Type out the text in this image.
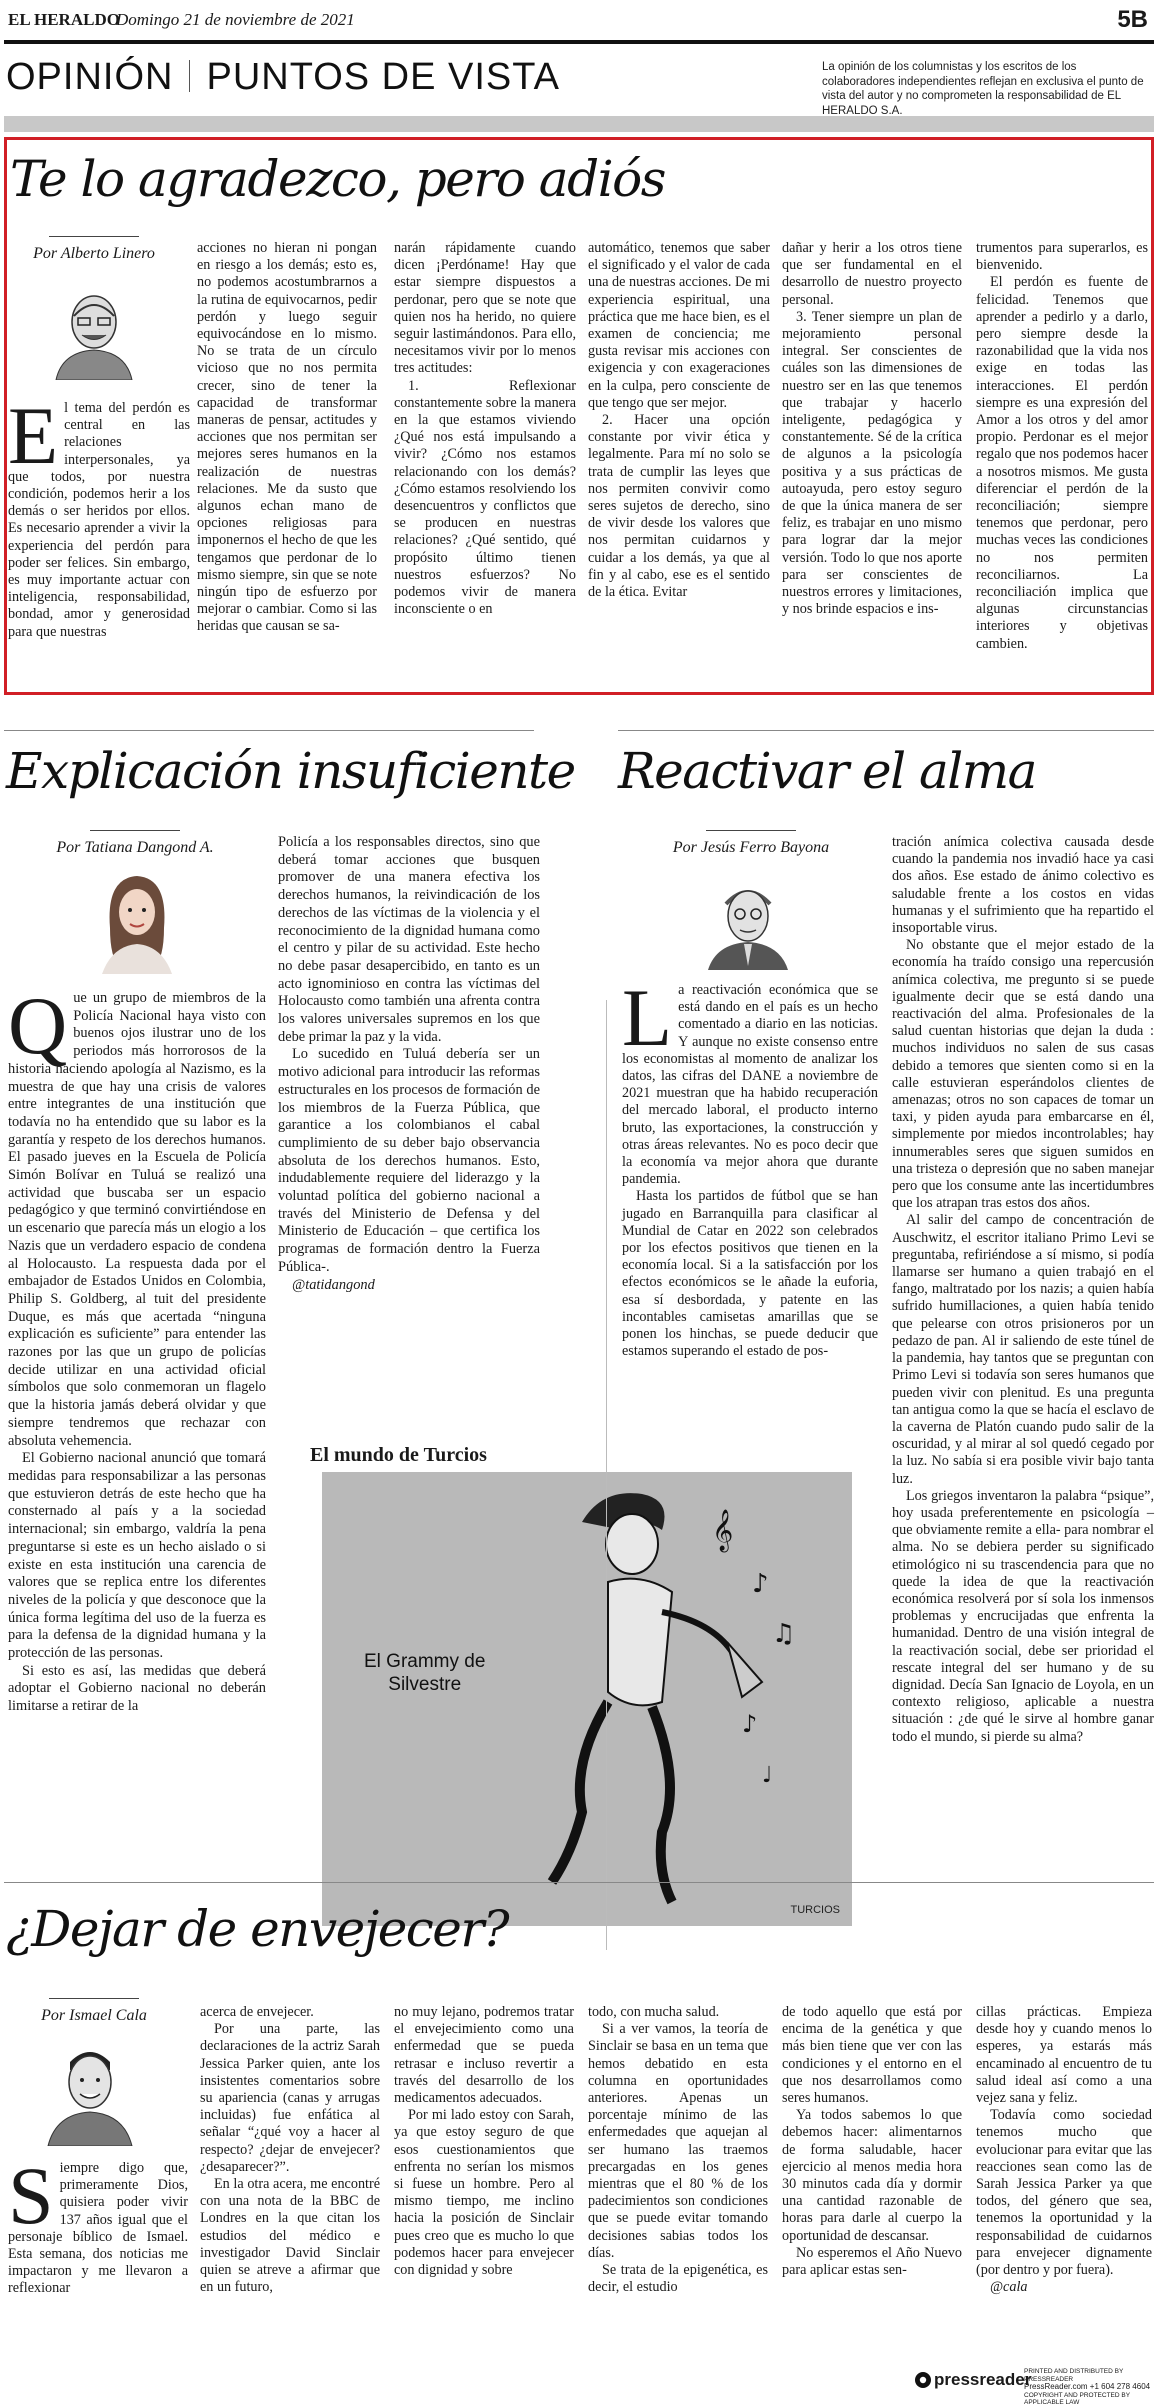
EL HERALDO
Domingo 21 de noviembre de 2021	5B
OPINIÓN PUNTOS DE VISTA	La opinión de los columnistas y los escritos de los colaboradores independientes reflejan en exclusiva el punto de vista del autor y no comprometen la responsabilidad de EL HERALDO S.A.
Te lo agradezco, pero adiós
Por Alberto Linero

El tema del perdón es central en las relaciones interpersonales, ya que todos, por nuestra condición, podemos herir a los demás o ser heridos por ellos. Es necesario aprender a vivir la experiencia del perdón para poder ser felices. Sin embargo, es muy importante actuar con inteligencia, responsabilidad, bondad, amor y generosidad para que nuestras

acciones no hieran ni pongan en riesgo a los demás; esto es, no podemos acostumbrarnos a la rutina de equivocarnos, pedir perdón y luego seguir equivocándose en lo mismo. No se trata de un círculo vicioso que no nos permita crecer, sino de tener la capacidad de transformar maneras de pensar, actitudes y acciones que nos permitan ser mejores seres humanos en la realización de nuestras relaciones. Me da susto que algunos echan mano de opciones religiosas para imponernos el hecho de que les tengamos que perdonar de lo mismo siempre, sin que se note ningún tipo de esfuerzo por mejorar o cambiar. Como si las heridas que causan se sa-

narán rápidamente cuando dicen ¡Perdóname! Hay que estar siempre dispuestos a perdonar, pero que se note que quien nos ha herido, no quiere seguir lastimándonos. Para ello, necesitamos vivir por lo menos tres actitudes:

1. Reflexionar constantemente sobre la manera en la que estamos viviendo ¿Qué nos está impulsando a vivir? ¿Cómo nos estamos relacionando con los demás? ¿Cómo estamos resolviendo los desencuentros y conflictos que se producen en nuestras relaciones? ¿Qué sentido, qué propósito último tienen nuestros esfuerzos? No podemos vivir de manera inconsciente o en

automático, tenemos que saber el significado y el valor de cada una de nuestras acciones. De mi experiencia espiritual, una práctica que me hace bien, es el examen de conciencia; me gusta revisar mis acciones con exigencia y con exageraciones en la culpa, pero consciente de que tengo que ser mejor.

2. Hacer una opción constante por vivir ética y legalmente. Para mí no solo se trata de cumplir las leyes que nos permiten convivir como seres sujetos de derecho, sino de vivir desde los valores que nos permitan cuidarnos y cuidar a los demás, ya que al fin y al cabo, ese es el sentido de la ética. Evitar

dañar y herir a los otros tiene que ser fundamental en el desarrollo de nuestro proyecto personal.

3. Tener siempre un plan de mejoramiento personal integral. Ser conscientes de cuáles son las dimensiones de nuestro ser en las que tenemos que trabajar y hacerlo inteligente, pedagógica y constantemente. Sé de la crítica de algunos a la psicología positiva y a sus prácticas de autoayuda, pero estoy seguro de que la única manera de ser feliz, es trabajar en uno mismo para lograr dar la mejor versión. Todo lo que nos aporte para ser conscientes de nuestros errores y limitaciones, y nos brinde espacios e ins-

trumentos para superarlos, es bienvenido.

El perdón es fuente de felicidad. Tenemos que aprender a pedirlo y a darlo, pero siempre desde la razonabilidad que la vida nos exige en todas las interacciones. El perdón siempre es una expresión del Amor a los otros y del amor propio. Perdonar es el mejor regalo que nos podemos hacer a nosotros mismos. Me gusta diferenciar el perdón de la reconciliación; siempre tenemos que perdonar, pero muchas veces las condiciones no nos permiten reconciliarnos. La reconciliación implica que algunas circunstancias interiores y objetivas cambien.

Explicación insuficiente
Por Tatiana Dangond A.

Que un grupo de miembros de la Policía Nacional haya visto con buenos ojos ilustrar uno de los periodos más horrorosos de la historia haciendo apología al Nazismo, es la muestra de que hay una crisis de valores entre integrantes de una institución que todavía no ha entendido que su labor es la garantía y respeto de los derechos humanos. El pasado jueves en la Escuela de Policía Simón Bolívar en Tuluá se realizó una actividad que buscaba ser un espacio pedagógico y que terminó convirtiéndose en un escenario que parecía más un elogio a los Nazis que un verdadero espacio de condena al Holocausto. La respuesta dada por el embajador de Estados Unidos en Colombia, Philip S. Goldberg, al tuit del presidente Duque, es más que acertada “ninguna explicación es suficiente” para entender las razones por las que un grupo de policías decide utilizar en una actividad oficial símbolos que solo conmemoran un flagelo que la historia jamás deberá olvidar y que siempre tendremos que rechazar con absoluta vehemencia.

El Gobierno nacional anunció que tomará medidas para responsabilizar a las personas que estuvieron detrás de este hecho que ha consternado al país y a la sociedad internacional; sin embargo, valdría la pena preguntarse si este es un hecho aislado o si existe en esta institución una carencia de valores que se replica entre los diferentes niveles de la policía y que desconoce que la única forma legítima del uso de la fuerza es para la defensa de la dignidad humana y la protección de las personas.

Si esto es así, las medidas que deberá adoptar el Gobierno nacional no deberán limitarse a retirar de la

Policía a los responsables directos, sino que deberá tomar acciones que busquen promover de una manera efectiva los derechos humanos, la reivindicación de los derechos de las víctimas de la violencia y el reconocimiento de la dignidad humana como el centro y pilar de su actividad. Este hecho no debe pasar desapercibido, en tanto es un acto ignominioso en contra las víctimas del Holocausto como también una afrenta contra los valores universales supremos en los que debe primar la paz y la vida.

Lo sucedido en Tuluá debería ser un motivo adicional para introducir las reformas estructurales en los procesos de formación de los miembros de la Fuerza Pública, que garantice a los colombianos el cabal cumplimiento de su deber bajo observancia absoluta de los derechos humanos. Esto, indudablemente requiere del liderazgo y la voluntad política del gobierno nacional a través del Ministerio de Defensa y del Ministerio de Educación – que certifica los programas de formación dentro la Fuerza Pública-.

@tatidangond

El mundo de Turcios
El Grammy de
Silvestre
𝄞
♪
♫
♪
♩
TURCIOS
Reactivar el alma
Por Jesús Ferro Bayona

La reactivación económica que se está dando en el país es un hecho comentado a diario en las noticias. Y aunque no existe consenso entre los economistas al momento de analizar los datos, las cifras del DANE a noviembre de 2021 muestran que ha habido recuperación del mercado laboral, el producto interno bruto, las exportaciones, la construcción y otras áreas relevantes. No es poco decir que la economía va mejor ahora que durante pandemia.

Hasta los partidos de fútbol que se han jugado en Barranquilla para clasificar al Mundial de Catar en 2022 son celebrados por los efectos positivos que tienen en la economía local. Si a la satisfacción por los efectos económicos se le añade la euforia, esa sí desbordada, y patente en las incontables camisetas amarillas que se ponen los hinchas, se puede deducir que estamos superando el estado de pos-

tración anímica colectiva causada desde cuando la pandemia nos invadió hace ya casi dos años. Ese estado de ánimo colectivo es saludable frente a los costos en vidas humanas y el sufrimiento que ha repartido el insoportable virus.

No obstante que el mejor estado de la economía ha traído consigo una repercusión anímica colectiva, me pregunto si se puede igualmente decir que se está dando una reactivación del alma. Profesionales de la salud cuentan historias que dejan la duda : muchos individuos no salen de sus casas debido a temores que sienten como si en la calle estuvieran esperándolos clientes de amenazas; otros no son capaces de tomar un taxi, y piden ayuda para embarcarse en él, simplemente por miedos incontrolables; hay innumerables seres que siguen sumidos en una tristeza o depresión que no saben manejar pero que los consume ante las incertidumbres que los atrapan tras estos dos años.

Al salir del campo de concentración de Auschwitz, el escritor italiano Primo Levi se preguntaba, refiriéndose a sí mismo, si podía llamarse ser humano a quien trabajó en el fango, maltratado por los nazis; a quien había sufrido humillaciones, a quien había tenido que pelearse con otros prisioneros por un pedazo de pan. Al ir saliendo de este túnel de la pandemia, hay tantos que se preguntan con Primo Levi si todavía son seres humanos que pueden vivir con plenitud. Es una pregunta tan antigua como la que se hacía el esclavo de la caverna de Platón cuando pudo salir de la oscuridad, y al mirar al sol quedó cegado por la luz. No sabía si era posible vivir bajo tanta luz.

Los griegos inventaron la palabra “psique”, hoy usada preferentemente en psicología –que obviamente remite a ella- para nombrar el alma. No se debiera perder su significado etimológico ni su trascendencia para que no quede la idea de que la reactivación económica resolverá por sí sola los inmensos problemas y encrucijadas que enfrenta la humanidad. Dentro de una visión integral de la reactivación social, debe ser prioridad el rescate integral del ser humano y de su dignidad. Decía San Ignacio de Loyola, en un contexto religioso, aplicable a nuestra situación : ¿de qué le sirve al hombre ganar todo el mundo, si pierde su alma?

¿Dejar de envejecer?
Por Ismael Cala

Siempre digo que, primeramente Dios, quisiera poder vivir 137 años igual que el personaje bíblico de Ismael. Esta semana, dos noticias me impactaron y me llevaron a reflexionar

acerca de envejecer.

Por una parte, las declaraciones de la actriz Sarah Jessica Parker quien, ante los insistentes comentarios sobre su apariencia (canas y arrugas incluidas) fue enfática al señalar “¿qué voy a hacer al respecto? ¿dejar de envejecer? ¿desaparecer?”.

En la otra acera, me encontré con una nota de la BBC de Londres en la que citan los estudios del médico e investigador David Sinclair quien se atreve a afirmar que en un futuro,

no muy lejano, podremos tratar el envejecimiento como una enfermedad que se pueda retrasar e incluso revertir a través del desarrollo de los medicamentos adecuados.

Por mi lado estoy con Sarah, ya que estoy seguro de que esos cuestionamientos que enfrenta no serían los mismos si fuese un hombre. Pero al mismo tiempo, me inclino hacia la posición de Sinclair pues creo que es mucho lo que podemos hacer para envejecer con dignidad y sobre

todo, con mucha salud.

Si a ver vamos, la teoría de Sinclair se basa en un tema que hemos debatido en esta columna en oportunidades anteriores. Apenas un porcentaje mínimo de las enfermedades que aquejan al ser humano las traemos precargadas en los genes mientras que el 80 % de los padecimientos son condiciones que se puede evitar tomando decisiones sabias todos los días.

Se trata de la epigenética, es decir, el estudio

de todo aquello que está por encima de la genética y que más bien tiene que ver con las condiciones y el entorno en el que nos desarrollamos como seres humanos.

Ya todos sabemos lo que debemos hacer: alimentarnos de forma saludable, hacer ejercicio al menos media hora 30 minutos cada día y dormir una cantidad razonable de horas para darle al cuerpo la oportunidad de descansar.

No esperemos el Año Nuevo para aplicar estas sen-

cillas prácticas. Empieza desde hoy y cuando menos lo esperes, ya estarás más encaminado al encuentro de tu salud ideal así como a una vejez sana y feliz.

Todavía como sociedad tenemos mucho que evolucionar para evitar que las reacciones sean como las de Sarah Jessica Parker ya que todos, del género que sea, tenemos la oportunidad y la responsabilidad de cuidarnos para envejecer dignamente (por dentro y por fuera).

@cala

pressreader
PRINTED AND DISTRIBUTED BY PRESSREADER
PressReader.com +1 604 278 4604
COPYRIGHT AND PROTECTED BY APPLICABLE LAW
